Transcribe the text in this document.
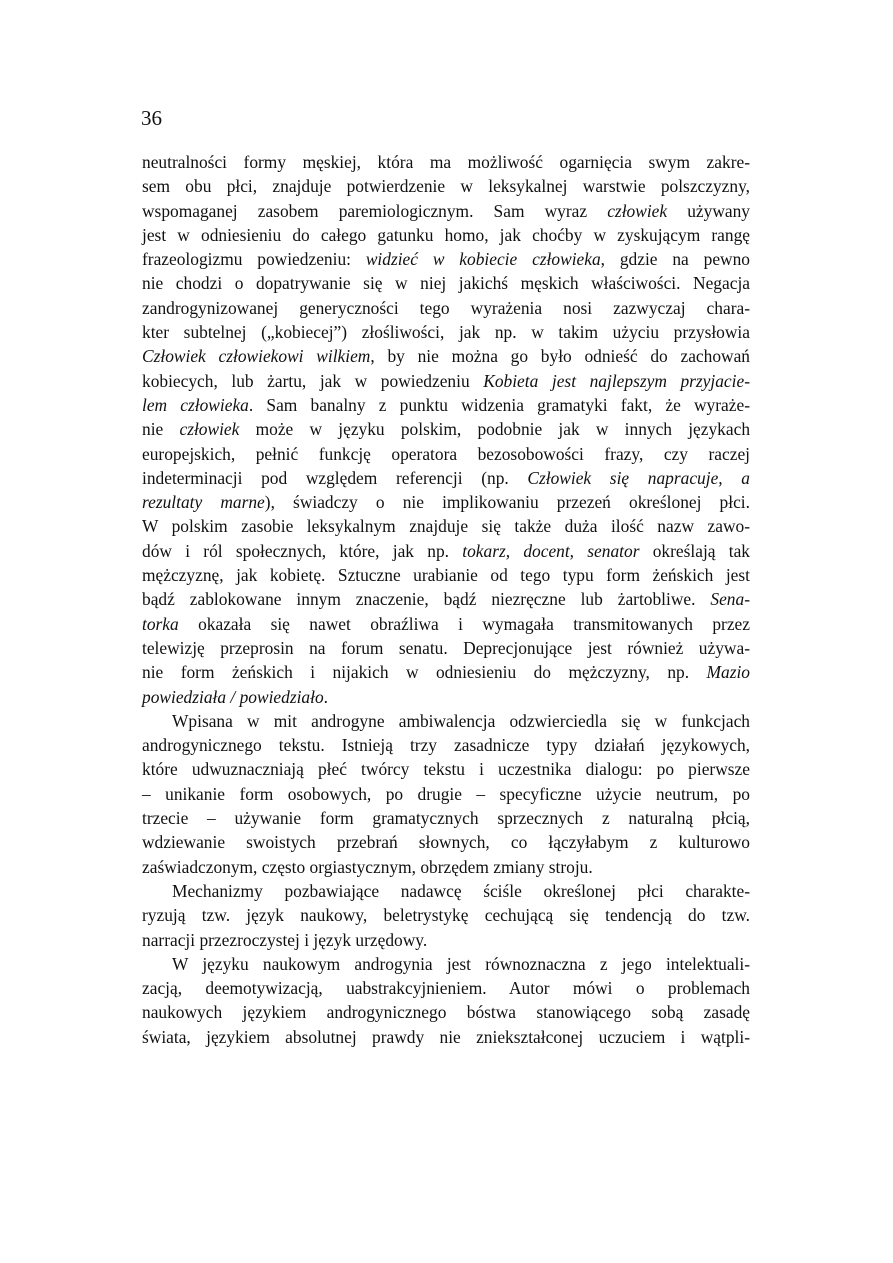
36
neutralności formy męskiej, która ma możliwość ogarnięcia swym zakre-
sem obu płci, znajduje potwierdzenie w leksykalnej warstwie polszczyzny,
wspomaganej zasobem paremiologicznym. Sam wyraz człowiek używany
jest w odniesieniu do całego gatunku homo, jak choćby w zyskującym rangę
frazeologizmu powiedzeniu: widzieć w kobiecie człowieka, gdzie na pewno
nie chodzi o dopatrywanie się w niej jakichś męskich właściwości. Negacja
zandrogynizowanej generyczności tego wyrażenia nosi zazwyczaj chara-
kter subtelnej („kobiecej”) złośliwości, jak np. w takim użyciu przysłowia
Człowiek człowiekowi wilkiem, by nie można go było odnieść do zachowań
kobiecych, lub żartu, jak w powiedzeniu Kobieta jest najlepszym przyjacie-
lem człowieka. Sam banalny z punktu widzenia gramatyki fakt, że wyraże-
nie człowiek może w języku polskim, podobnie jak w innych językach
europejskich, pełnić funkcję operatora bezosobowości frazy, czy raczej
indeterminacji pod względem referencji (np. Człowiek się napracuje, a
rezultaty marne), świadczy o nie implikowaniu przezeń określonej płci.
W polskim zasobie leksykalnym znajduje się także duża ilość nazw zawo-
dów i ról społecznych, które, jak np. tokarz, docent, senator określają tak
mężczyznę, jak kobietę. Sztuczne urabianie od tego typu form żeńskich jest
bądź zablokowane innym znaczenie, bądź niezręczne lub żartobliwe. Sena-
torka okazała się nawet obraźliwa i wymagała transmitowanych przez
telewizję przeprosin na forum senatu. Deprecjonujące jest również używa-
nie form żeńskich i nijakich w odniesieniu do mężczyzny, np. Mazio
powiedziała / powiedziało.
Wpisana w mit androgyne ambiwalencja odzwierciedla się w funkcjach
androgynicznego tekstu. Istnieją trzy zasadnicze typy działań językowych,
które udwuznaczniają płeć twórcy tekstu i uczestnika dialogu: po pierwsze
– unikanie form osobowych, po drugie – specyficzne użycie neutrum, po
trzecie – używanie form gramatycznych sprzecznych z naturalną płcią,
wdziewanie swoistych przebrań słownych, co łączyłabym z kulturowo
zaświadczonym, często orgiastycznym, obrzędem zmiany stroju.
Mechanizmy pozbawiające nadawcę ściśle określonej płci charakte-
ryzują tzw. język naukowy, beletrystykę cechującą się tendencją do tzw.
narracji przezroczystej i język urzędowy.
W języku naukowym androgynia jest równoznaczna z jego intelektuali-
zacją, deemotywizacją, uabstrakcyjnieniem. Autor mówi o problemach
naukowych językiem androgynicznego bóstwa stanowiącego sobą zasadę
świata, językiem absolutnej prawdy nie zniekształconej uczuciem i wątpli-
